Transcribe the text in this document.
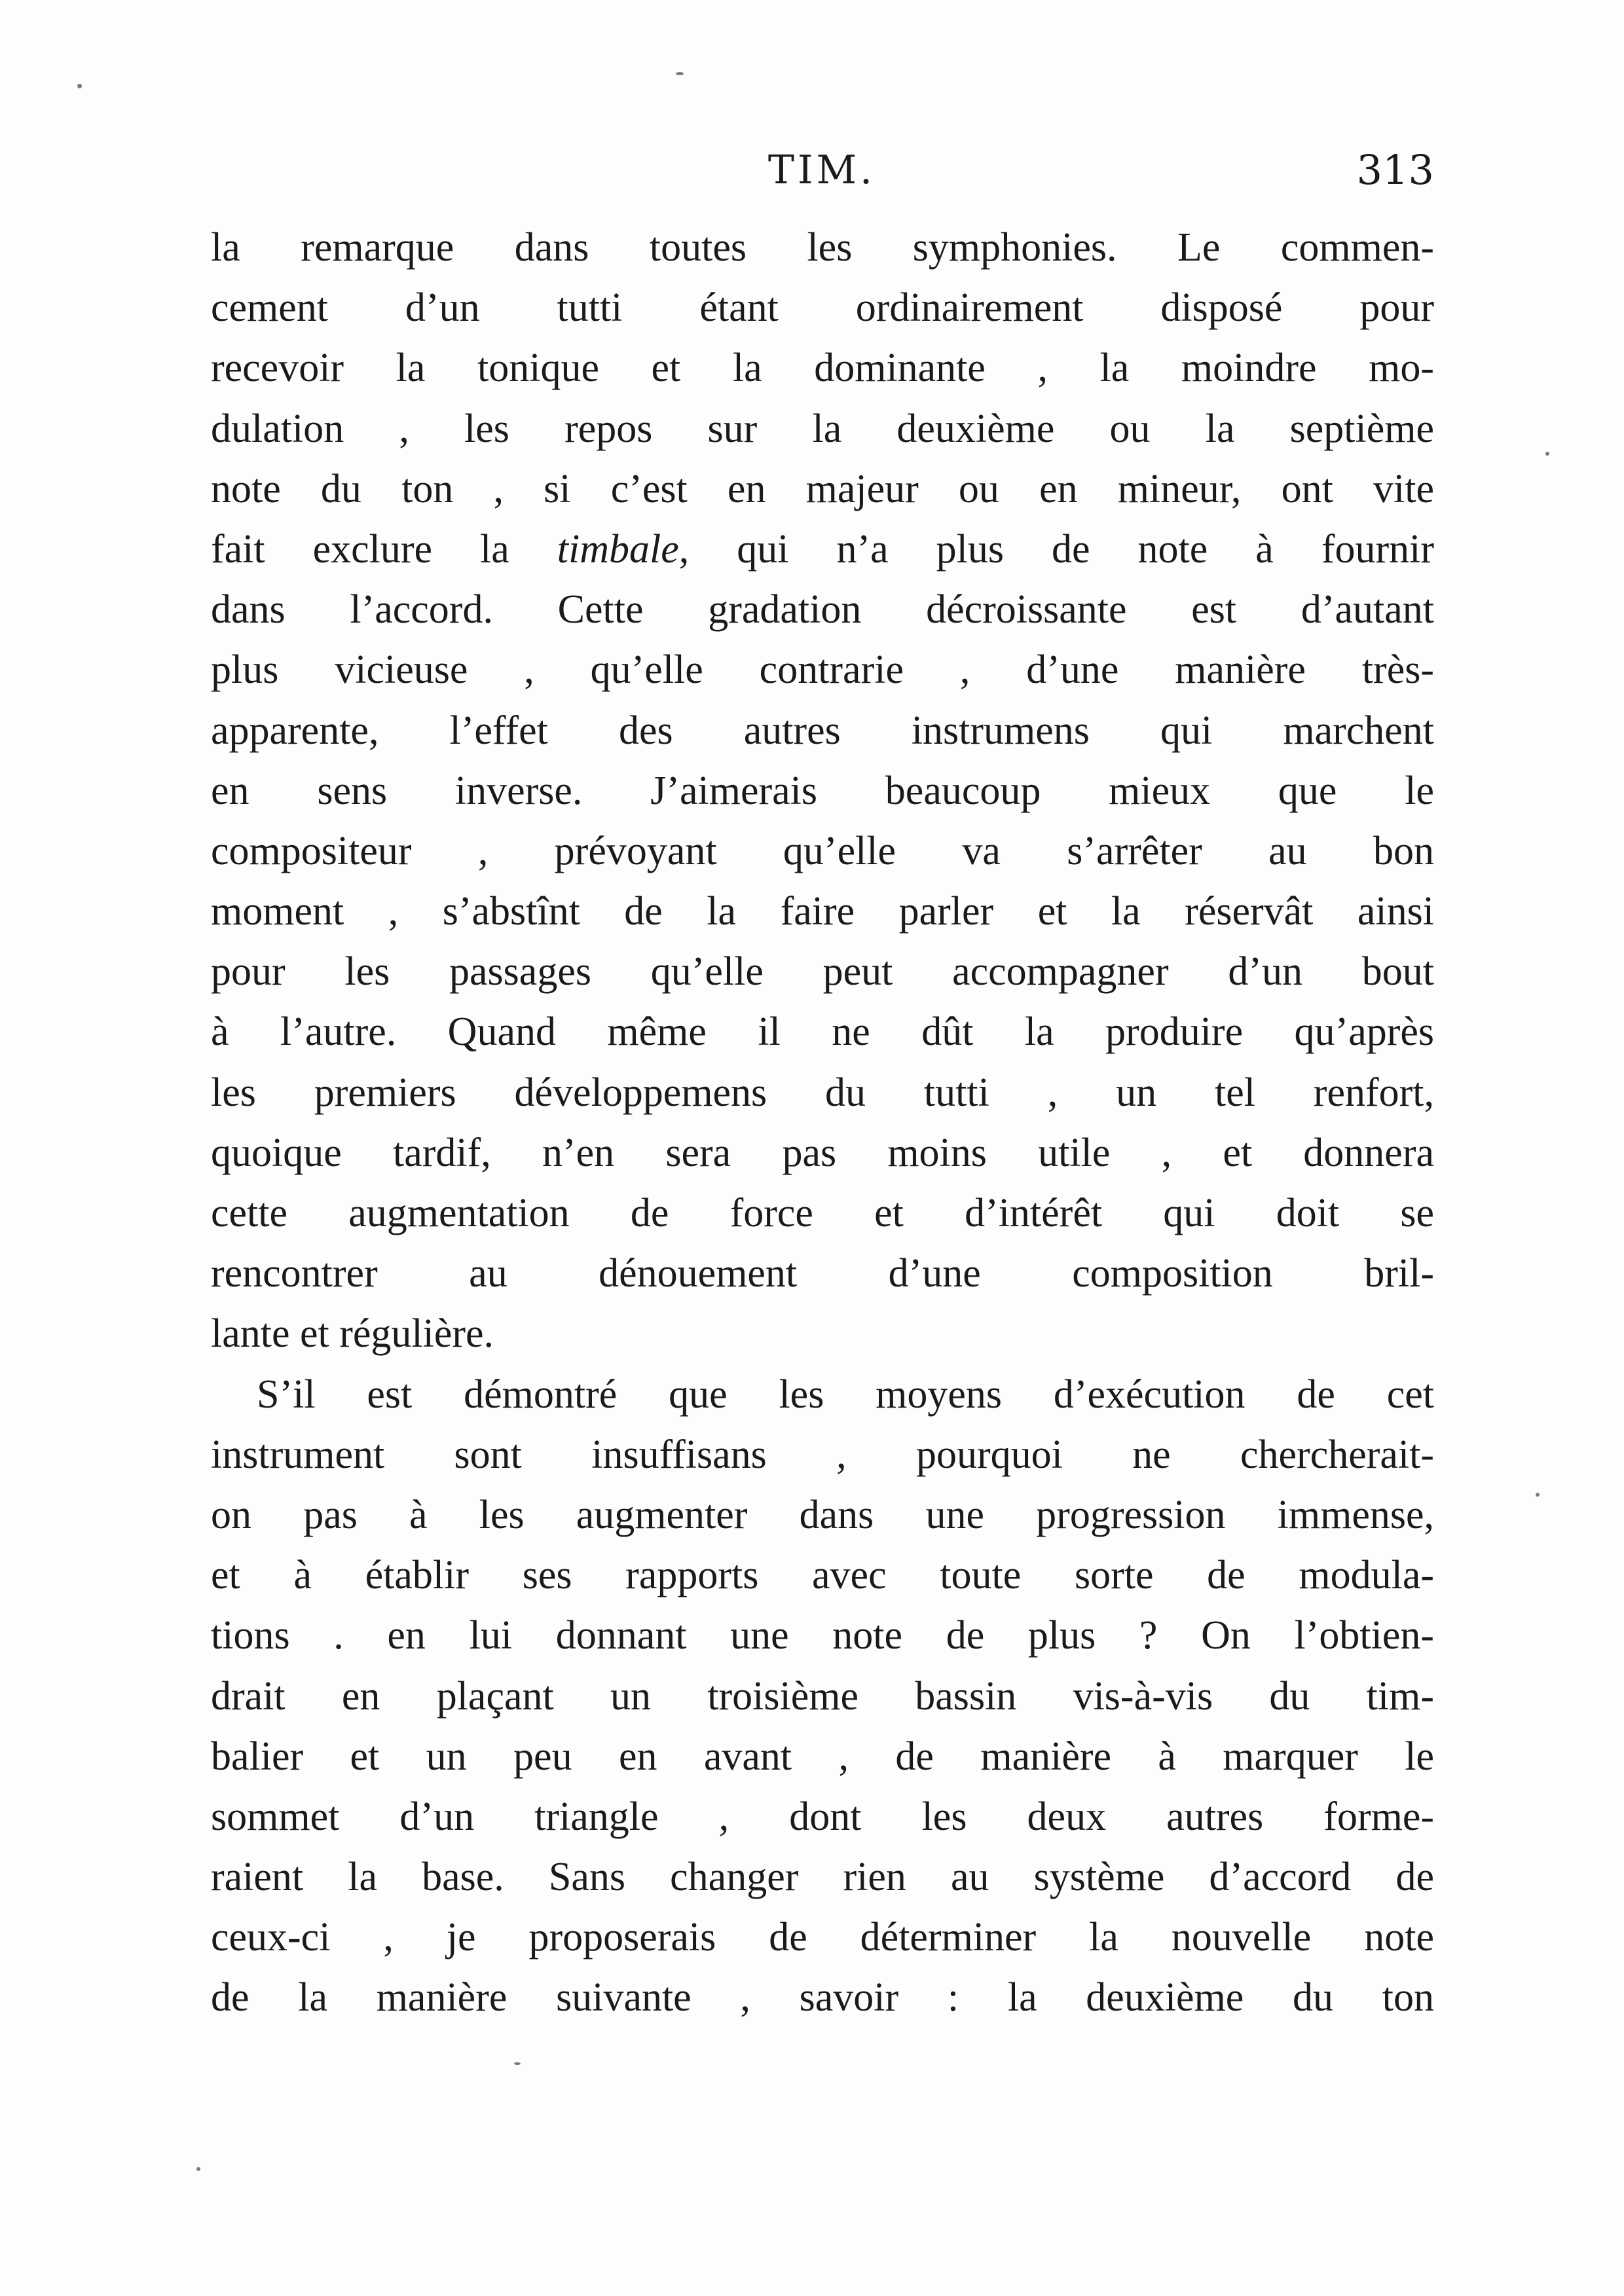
TIM.	313
la remarque dans toutes les symphonies. Le commen-
cement d’un tutti étant ordinairement disposé pour
recevoir la tonique et la dominante , la moindre mo-
dulation , les repos sur la deuxième ou la septième
note du ton , si c’est en majeur ou en mineur, ont vite
fait exclure la timbale, qui n’a plus de note à fournir
dans l’accord. Cette gradation décroissante est d’autant
plus vicieuse , qu’elle contrarie , d’une manière très-
apparente, l’effet des autres instrumens qui marchent
en sens inverse. J’aimerais beaucoup mieux que le
compositeur , prévoyant qu’elle va s’arrêter au bon
moment , s’abstînt de la faire parler et la réservât ainsi
pour les passages qu’elle peut accompagner d’un bout
à l’autre. Quand même il ne dût la produire qu’après
les premiers développemens du tutti , un tel renfort,
quoique tardif, n’en sera pas moins utile , et donnera
cette augmentation de force et d’intérêt qui doit se
rencontrer au dénouement d’une composition bril-
lante et régulière.
S’il est démontré que les moyens d’exécution de cet
instrument sont insuffisans , pourquoi ne chercherait-
on pas à les augmenter dans une progression immense,
et à établir ses rapports avec toute sorte de modula-
tions . en lui donnant une note de plus ? On l’obtien-
drait en plaçant un troisième bassin vis-à-vis du tim-
balier et un peu en avant , de manière à marquer le
sommet d’un triangle , dont les deux autres forme-
raient la base. Sans changer rien au système d’accord de
ceux-ci , je proposerais de déterminer la nouvelle note
de la manière suivante , savoir : la deuxième du ton
